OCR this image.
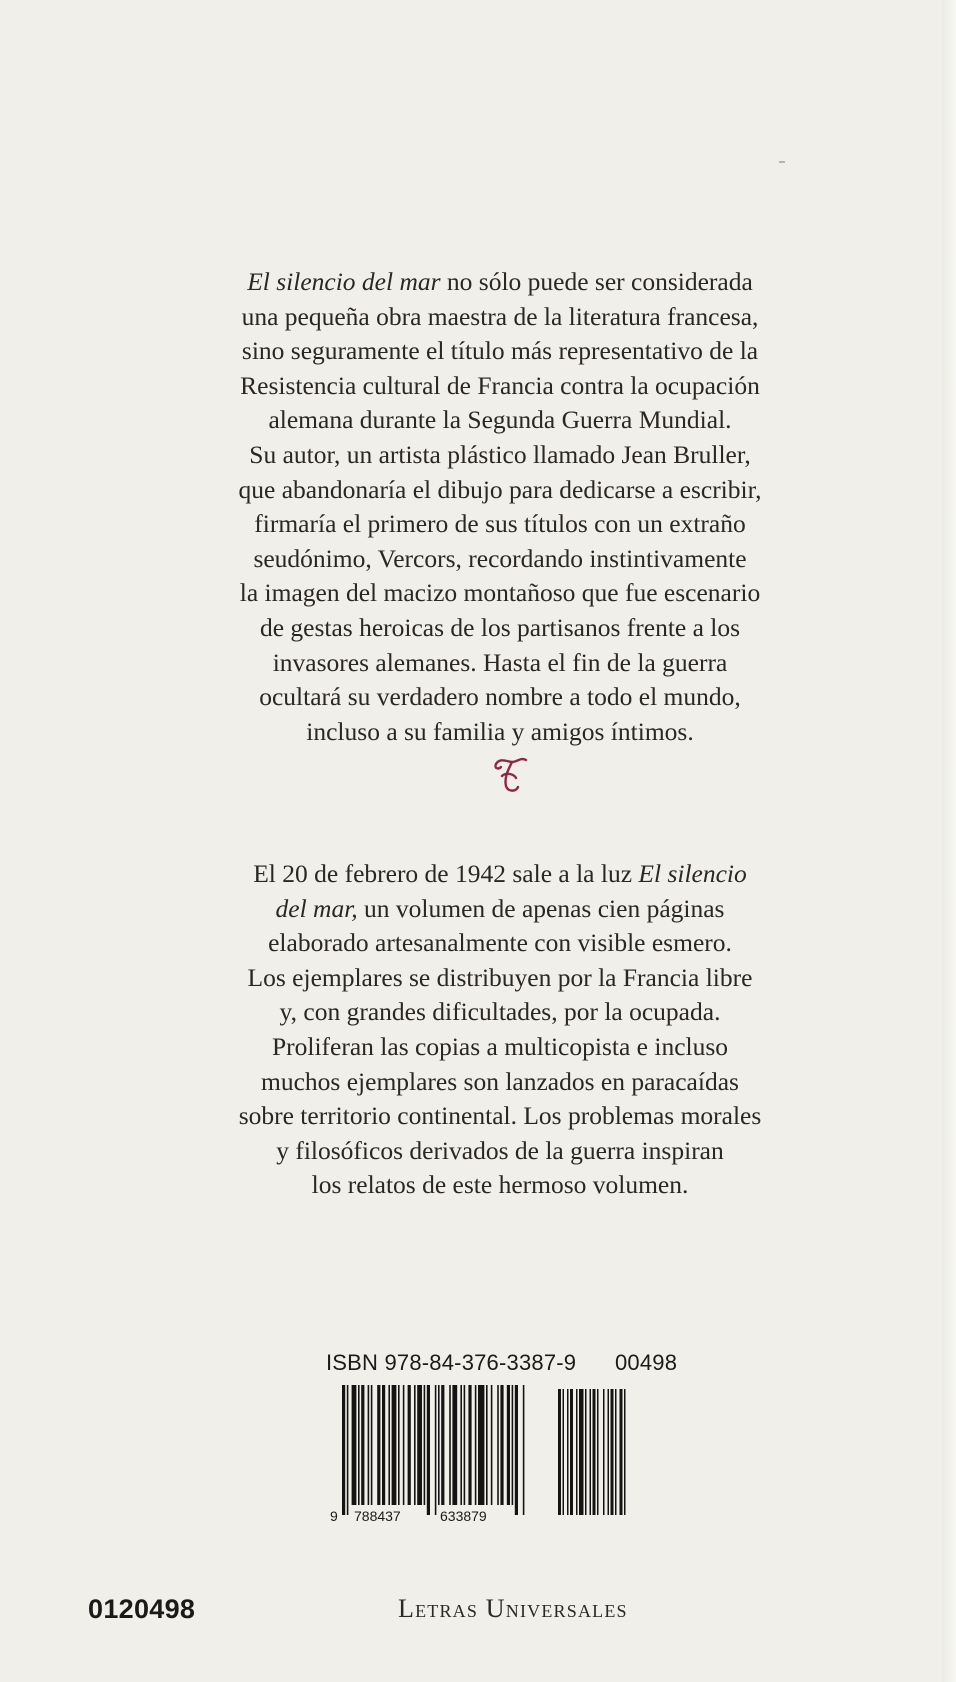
El silencio del mar no sólo puede ser considerada
una pequeña obra maestra de la literatura francesa,
sino seguramente el título más representativo de la
Resistencia cultural de Francia contra la ocupación
alemana durante la Segunda Guerra Mundial.
Su autor, un artista plástico llamado Jean Bruller,
que abandonaría el dibujo para dedicarse a escribir,
firmaría el primero de sus títulos con un extraño
seudónimo, Vercors, recordando instintivamente
la imagen del macizo montañoso que fue escenario
de gestas heroicas de los partisanos frente a los
invasores alemanes. Hasta el fin de la guerra
ocultará su verdadero nombre a todo el mundo,
incluso a su familia y amigos íntimos.

El 20 de febrero de 1942 sale a la luz El silencio
del mar, un volumen de apenas cien páginas
elaborado artesanalmente con visible esmero.
Los ejemplares se distribuyen por la Francia libre
y, con grandes dificultades, por la ocupada.
Proliferan las copias a multicopista e incluso
muchos ejemplares son lanzados en paracaídas
sobre territorio continental. Los problemas morales
y filosóficos derivados de la guerra inspiran
los relatos de este hermoso volumen.

ISBN 978-84-376-3387-9 00498
9 788437	633879
0120498	Letras Universales
